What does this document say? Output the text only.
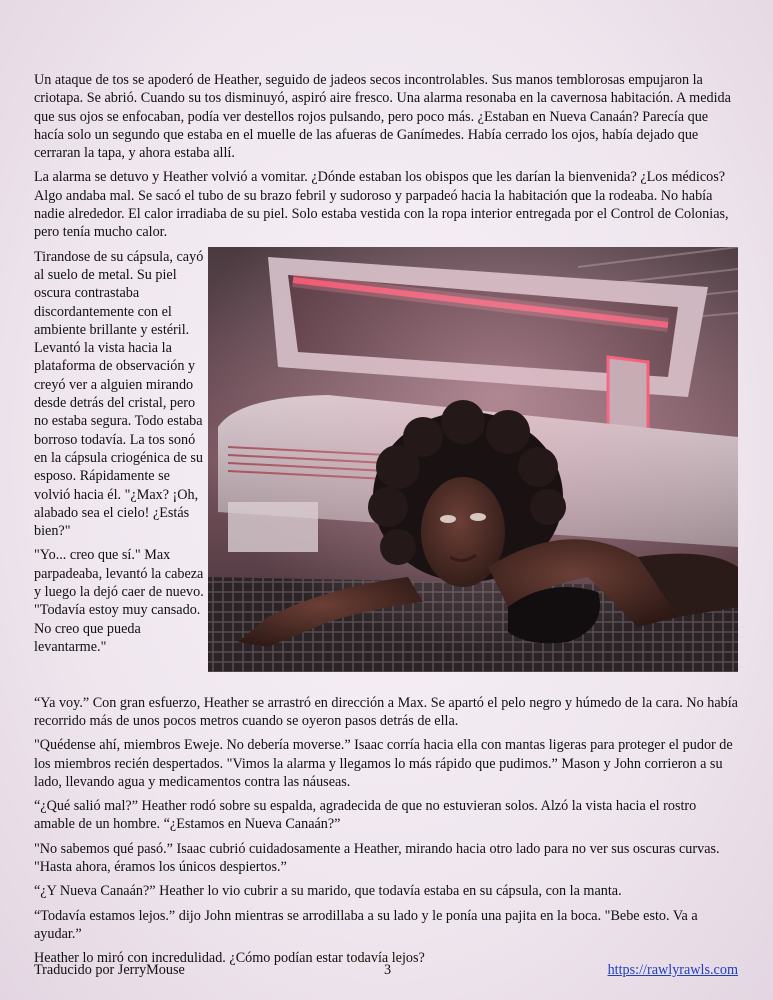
Un ataque de tos se apoderó de Heather, seguido de jadeos secos incontrolables. Sus manos temblorosas empujaron la criotapa. Se abrió. Cuando su tos disminuyó, aspiró aire fresco. Una alarma resonaba en la cavernosa habitación. A medida que sus ojos se enfocaban, podía ver destellos rojos pulsando, pero poco más. ¿Estaban en Nueva Canaán? Parecía que hacía solo un segundo que estaba en el muelle de las afueras de Ganímedes. Había cerrado los ojos, había dejado que cerraran la tapa, y ahora estaba allí.

La alarma se detuvo y Heather volvió a vomitar. ¿Dónde estaban los obispos que les darían la bienvenida? ¿Los médicos? Algo andaba mal. Se sacó el tubo de su brazo febril y sudoroso y parpadeó hacia la habitación que la rodeaba. No había nadie alrededor. El calor irradiaba de su piel. Solo estaba vestida con la ropa interior entregada por el Control de Colonias, pero tenía mucho calor.

Tirandose de su cápsula, cayó al suelo de metal. Su piel oscura contrastaba discordantemente con el ambiente brillante y estéril. Levantó la vista hacia la plataforma de observación y creyó ver a alguien mirando desde detrás del cristal, pero no estaba segura. Todo estaba borroso todavía. La tos sonó en la cápsula criogénica de su esposo. Rápidamente se volvió hacia él. "¿Max? ¡Oh, alabado sea el cielo! ¿Estás bien?"

"Yo... creo que sí." Max parpadeaba, levantó la cabeza y luego la dejó caer de nuevo. "Todavía estoy muy cansado. No creo que pueda levantarme."

“Ya voy.” Con gran esfuerzo, Heather se arrastró en dirección a Max. Se apartó el pelo negro y húmedo de la cara. No había recorrido más de unos pocos metros cuando se oyeron pasos detrás de ella.

"Quédense ahí, miembros Eweje. No debería moverse.” Isaac corría hacia ella con mantas ligeras para proteger el pudor de los miembros recién despertados. "Vimos la alarma y llegamos lo más rápido que pudimos.” Mason y John corrieron a su lado, llevando agua y medicamentos contra las náuseas.

“¿Qué salió mal?” Heather rodó sobre su espalda, agradecida de que no estuvieran solos. Alzó la vista hacia el rostro amable de un hombre. “¿Estamos en Nueva Canaán?”

"No sabemos qué pasó.” Isaac cubrió cuidadosamente a Heather, mirando hacia otro lado para no ver sus oscuras curvas. "Hasta ahora, éramos los únicos despiertos.”

“¿Y Nueva Canaán?” Heather lo vio cubrir a su marido, que todavía estaba en su cápsula, con la manta.

“Todavía estamos lejos.” dijo John mientras se arrodillaba a su lado y le ponía una pajita en la boca. "Bebe esto. Va a ayudar.”

Heather lo miró con incredulidad. ¿Cómo podían estar todavía lejos?

Traducido por JerryMouse	3	https://rawlyrawls.com
